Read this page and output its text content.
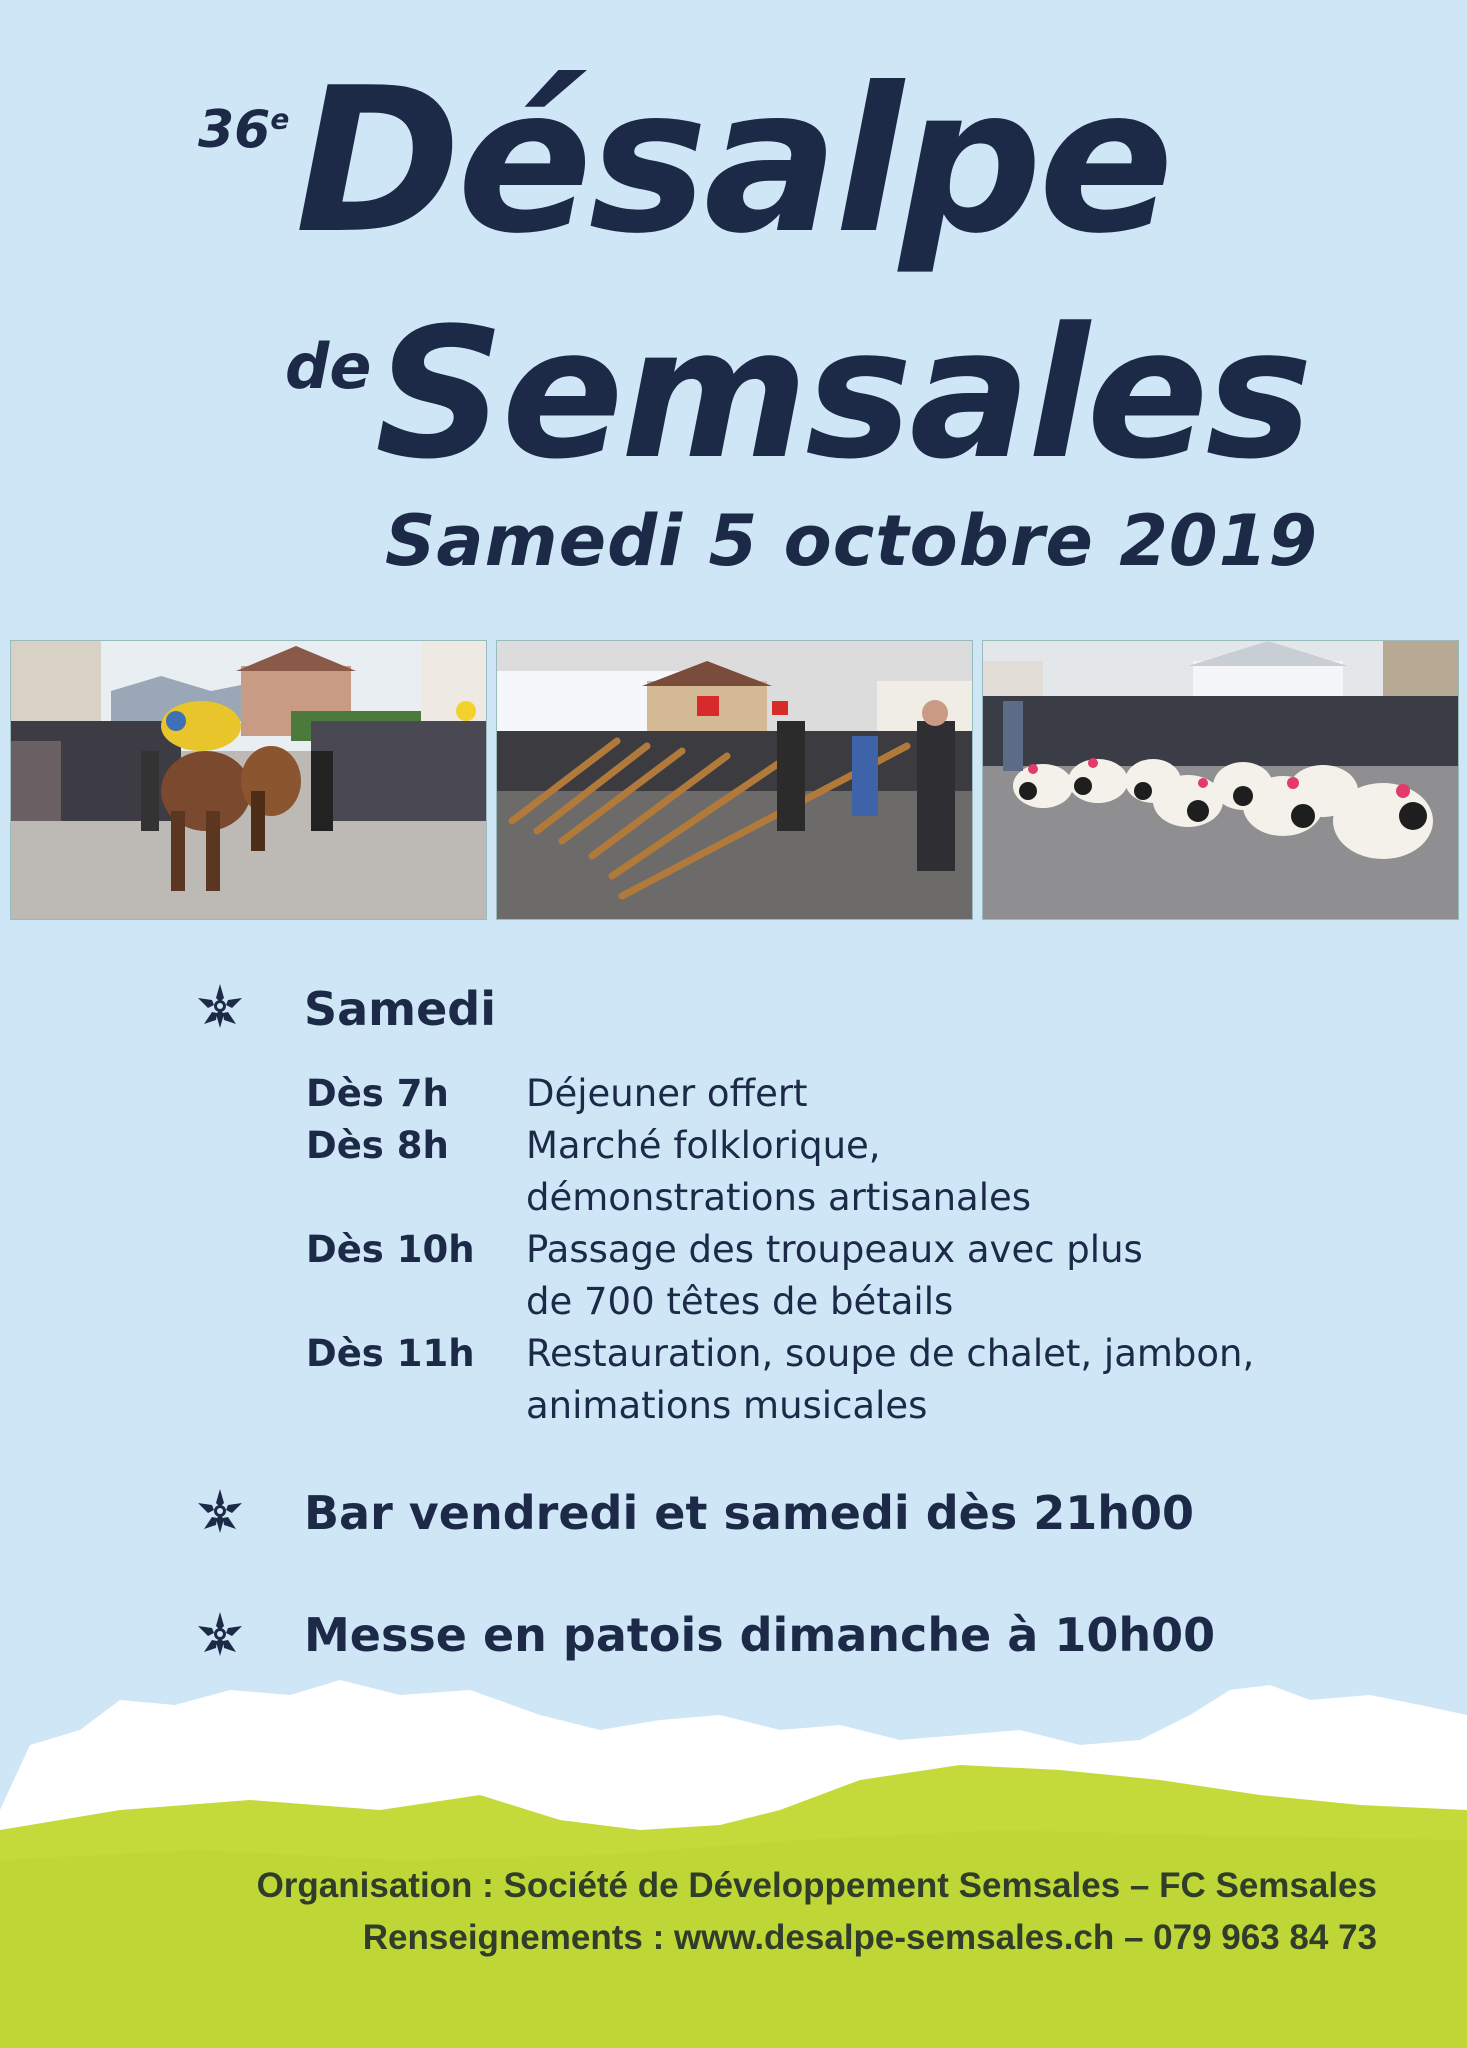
36e Désalpe
de Semsales
Samedi 5 octobre 2019
Samedi
Dès 7h	Déjeuner offert
Dès 8h	Marché folklorique,
démonstrations artisanales
Dès 10h	Passage des troupeaux avec plus
de 700 têtes de bétails
Dès 11h	Restauration, soupe de chalet, jambon,
animations musicales
Bar vendredi et samedi dès 21h00
Messe en patois dimanche à 10h00
Organisation : Société de Développement Semsales – FC Semsales
Renseignements : www.desalpe-semsales.ch – 079 963 84 73
